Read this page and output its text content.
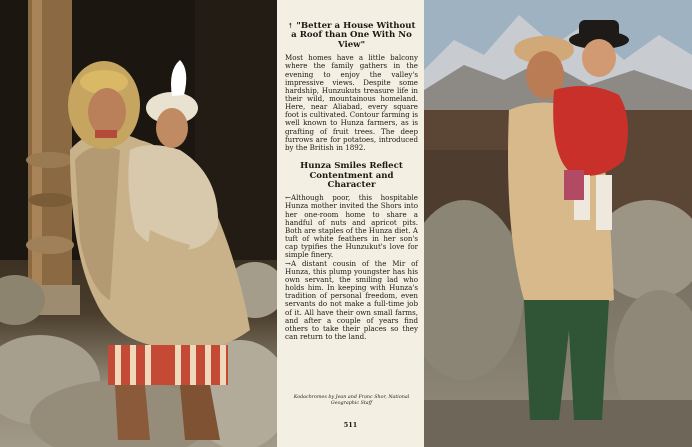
↟ "Better a House Without a Roof than One With No View"

Most homes have a little balcony where the family gathers in the evening to enjoy the valley's impressive views. Despite some hardship, Hunzukuts treasure life in their wild, mountainous homeland. Here, near Aliabad, every square foot is cultivated. Contour farming is well known to Hunza farmers, as is grafting of fruit trees. The deep furrows are for potatoes, introduced by the British in 1892.

Hunza Smiles Reflect Contentment and Character

←Although poor, this hospitable Hunza mother invited the Shors into her one-room home to share a handful of nuts and apricot pits. Both are staples of the Hunza diet. A tuft of white feathers in her son's cap typifies the Hunzukut's love for simple finery.

→A distant cousin of the Mir of Hunza, this plump youngster has his own servant, the smiling lad who holds him. In keeping with Hunza's tradition of personal freedom, even servants do not make a full-time job of it. All have their own small farms, and after a couple of years find others to take their places so they can return to the land.

Kodachromes by Jean and Franc Shor, National Geographic Staff
511
